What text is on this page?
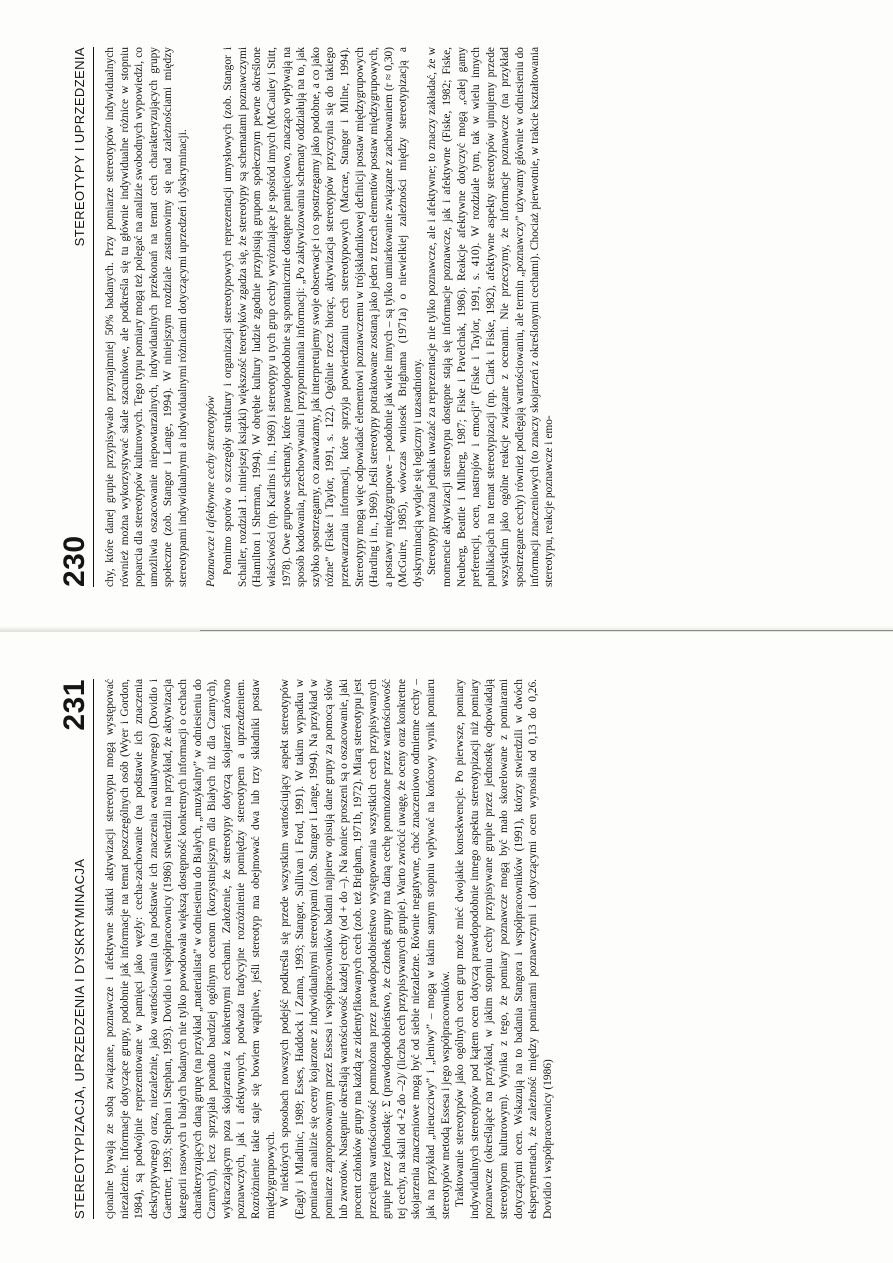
230
STEREOTYPY I UPRZEDZENIA chy, które danej grupie przypisywało przynajmniej 50% badanych. Przy pomiarze stereotypów indywidualnych również można wykorzystywać skale szacunkowe, ale podkreśla się tu głównie indywidualne różnice w stopniu poparcia dla stereotypów kulturowych. Tego typu pomiary mogą też polegać na analizie swobodnych wypowiedzi, co umożliwia oszacowanie niepowtarzalnych, indywidualnych przekonań na temat cech charakteryzujących grupy społeczne (zob. Stangor i Lange, 1994). W niniejszym rozdziale zastanowimy się nad zależnościami między stereotypami indywidualnymi a indywidualnymi różnicami dotyczącymi uprzedzeń i dyskryminacji. Poznawcze i afektywne cechy stereotypów Pomimo sporów o szczegóły struktury i organizacji stereotypowych reprezentacji umysłowych (zob. Stangor i Schaller, rozdział 1. niniejszej książki) większość teoretyków zgadza się, że stereotypy są schematami poznawczymi (Hamilton i Sherman, 1994). W obrębie kultury ludzie zgodnie przypisują grupom społecznym pewne określone właściwości (np. Karlins i in., 1969) i stereotypy u tych grup cechy wyróżniające je spośród innych (McCauley i Stitt, 1978). Owe grupowe schematy, które prawdopodobnie są spontanicznie dostępne pamięciowo, znacząco wpływają na sposób kodowania, przechowywania i przypominania informacji: „Po zaktywizowaniu schematy oddziałują na to, jak szybko spostrzegamy, co zauważamy, jak interpretujemy swoje obserwacje i co spostrzegamy jako podobne, a co jako różne” (Fiske i Taylor, 1991, s. 122). Ogólnie rzecz biorąc, aktywizacja stereotypów przyczynia się do takiego przetwarzania informacji, które sprzyja potwierdzaniu cech stereotypowych (Macrae, Stangor i Milne, 1994). Stereotypy mogą więc odpowiadać elementowi poznawczemu w trójskładnikowej definicji postaw międzygrupowych (Harding i in., 1969). Jeśli stereotypy potraktowane zostaną jako jeden z trzech elementów postaw międzygrupowych, a postawy międzygrupowe – podobnie jak wiele innych – są tylko umiarkowanie związane z zachowaniem (r ≈ 0,30) (McGuire, 1985), wówczas wniosek Brighama (1971a) o niewielkiej zależności między stereotypizacją a dyskryminacją wydaje się logiczny i uzasadniony. Stereotypy można jednak uważać za reprezentacje nie tylko poznawcze, ale i afektywne; to znaczy zakładać, że w momencie aktywizacji stereotypu dostępne stają się informacje poznawcze, jak i afektywne (Fiske, 1982; Fiske, Neuberg, Beattie i Milberg, 1987; Fiske i Pavelchak, 1986). Reakcje afektywne dotyczyć mogą „całej gamy preferencji, ocen, nastrojów i emocji” (Fiske i Taylor, 1991, s. 410). W rozdziale tym, tak w wielu innych publikacjach na temat stereotypizacji (np. Clark i Fiske, 1982), afektywne aspekty stereotypów ujmujemy przede wszystkim jako ogólne reakcje związane z ocenami. Nie przeczymy, że informacje poznawcze (na przykład spostrzegane cechy) również podlegają wartościowaniu, ale termin „poznawczy” używamy głównie w odniesieniu do informacji znaczeniowych (to znaczy skojarzeń z określonymi cechami). Chociaż pierwotnie, w trakcie kształtowania stereotypu, reakcje poznawcze i emo-

STEREOTYPIZACJA, UPRZEDZENIA I DYSKRYMINACJA
231 cjonalne bywają ze sobą związane, poznawcze i afektywne skutki aktywizacji stereotypu mogą występować niezależnie. Informacje dotyczące grupy, podobnie jak informacje na temat poszczególnych osób (Wyer i Gordon, 1984), są podwójnie reprezentowane w pamięci jako węzły: cecha-zachowanie (na podstawie ich znaczenia deskryptywnego) oraz, niezależnie, jako wartościowania (na podstawie ich znaczenia ewaluatywnego) (Dovidio i Gaertner, 1993; Stephan i Stephan, 1993). Dovidio i współpracownicy (1986) stwierdzili na przykład, że aktywizacja kategorii rasowych u białych badanych nie tylko powodowała większą dostępność konkretnych informacji o cechach charakteryzujących daną grupę (na przykład „materialista” w odniesieniu do Białych, „muzykalny” w odniesieniu do Czarnych), lecz sprzyjała ponadto bardziej ogólnym ocenom (korzystniejszym dla Białych niż dla Czarnych), wykraczającym poza skojarzenia z konkretnymi cechami. Założenie, że stereotypy dotyczą skojarzeń zarówno poznawczych, jak i afektywnych, podważa tradycyjne rozróżnienie pomiędzy stereotypem a uprzedzeniem. Rozróżnienie takie staje się bowiem wątpliwe, jeśli stereotyp ma obejmować dwa lub trzy składniki postaw międzygrupowych. W niektórych sposobach nowszych podejść podkreśla się przede wszystkim wartościujący aspekt stereotypów (Eagly i Mladinic, 1989; Esses, Haddock i Zanna, 1993; Stangor, Sullivan i Ford, 1991). W takim wypadku w pomiarach analizie się oceny kojarzone z indywidualnymi stereotypami (zob. Stangor i Lange, 1994). Na przykład w pomiarze zaproponowanym przez Essesa i współpracowników badani najpierw opisują dane grupy za pomocą słów lub zwrotów. Następnie określają wartościowość każdej cechy (od + do –). Na koniec proszeni są o oszacowanie, jaki procent członków grupy ma każdą ze zidentyfikowanych cech (zob. też Brigham, 1971b, 1972). Miarą stereotypu jest przeciętna wartościowość pomnożona przez prawdopodobieństwo występowania wszystkich cech przypisywanych grupie przez jednostkę: Σ (prawdopodobieństwo, że członek grupy ma daną cechę pomnożone przez wartościowość tej cechy, na skali od +2 do –2)/ (liczba cech przypisywanych grupie). Warto zwrócić uwagę, że oceny oraz konkretne skojarzenia znaczeniowe mogą być od siebie niezależne. Równie negatywne, choć znaczeniowo odmienne cechy – jak na przykład „nieuczciwy” i „leniwy” – mogą w takim samym stopniu wpływać na końcowy wynik pomiaru stereotypów metodą Essesa i jego współpracowników. Traktowanie stereotypów jako ogólnych ocen grup może mieć dwojakie konsekwencje. Po pierwsze, pomiary indywidualnych stereotypów pod kątem ocen dotyczą prawdopodobnie innego aspektu stereotypizacji niż pomiary poznawcze (określające na przykład, w jakim stopniu cechy przypisywane grupie przez jednostkę odpowiadają stereotypom kulturowym). Wynika z tego, że pomiary poznawcze mogą być mało skorelowane z pomiarami dotyczącymi ocen. Wskazują na to badania Stangora i współpracowników (1991), którzy stwierdzili w dwóch eksperymentach, że zależność między pomiarami poznawczymi i dotyczącymi ocen wynosiła od 0,13 do 0,26. Dovidio i współpracownicy (1986)
